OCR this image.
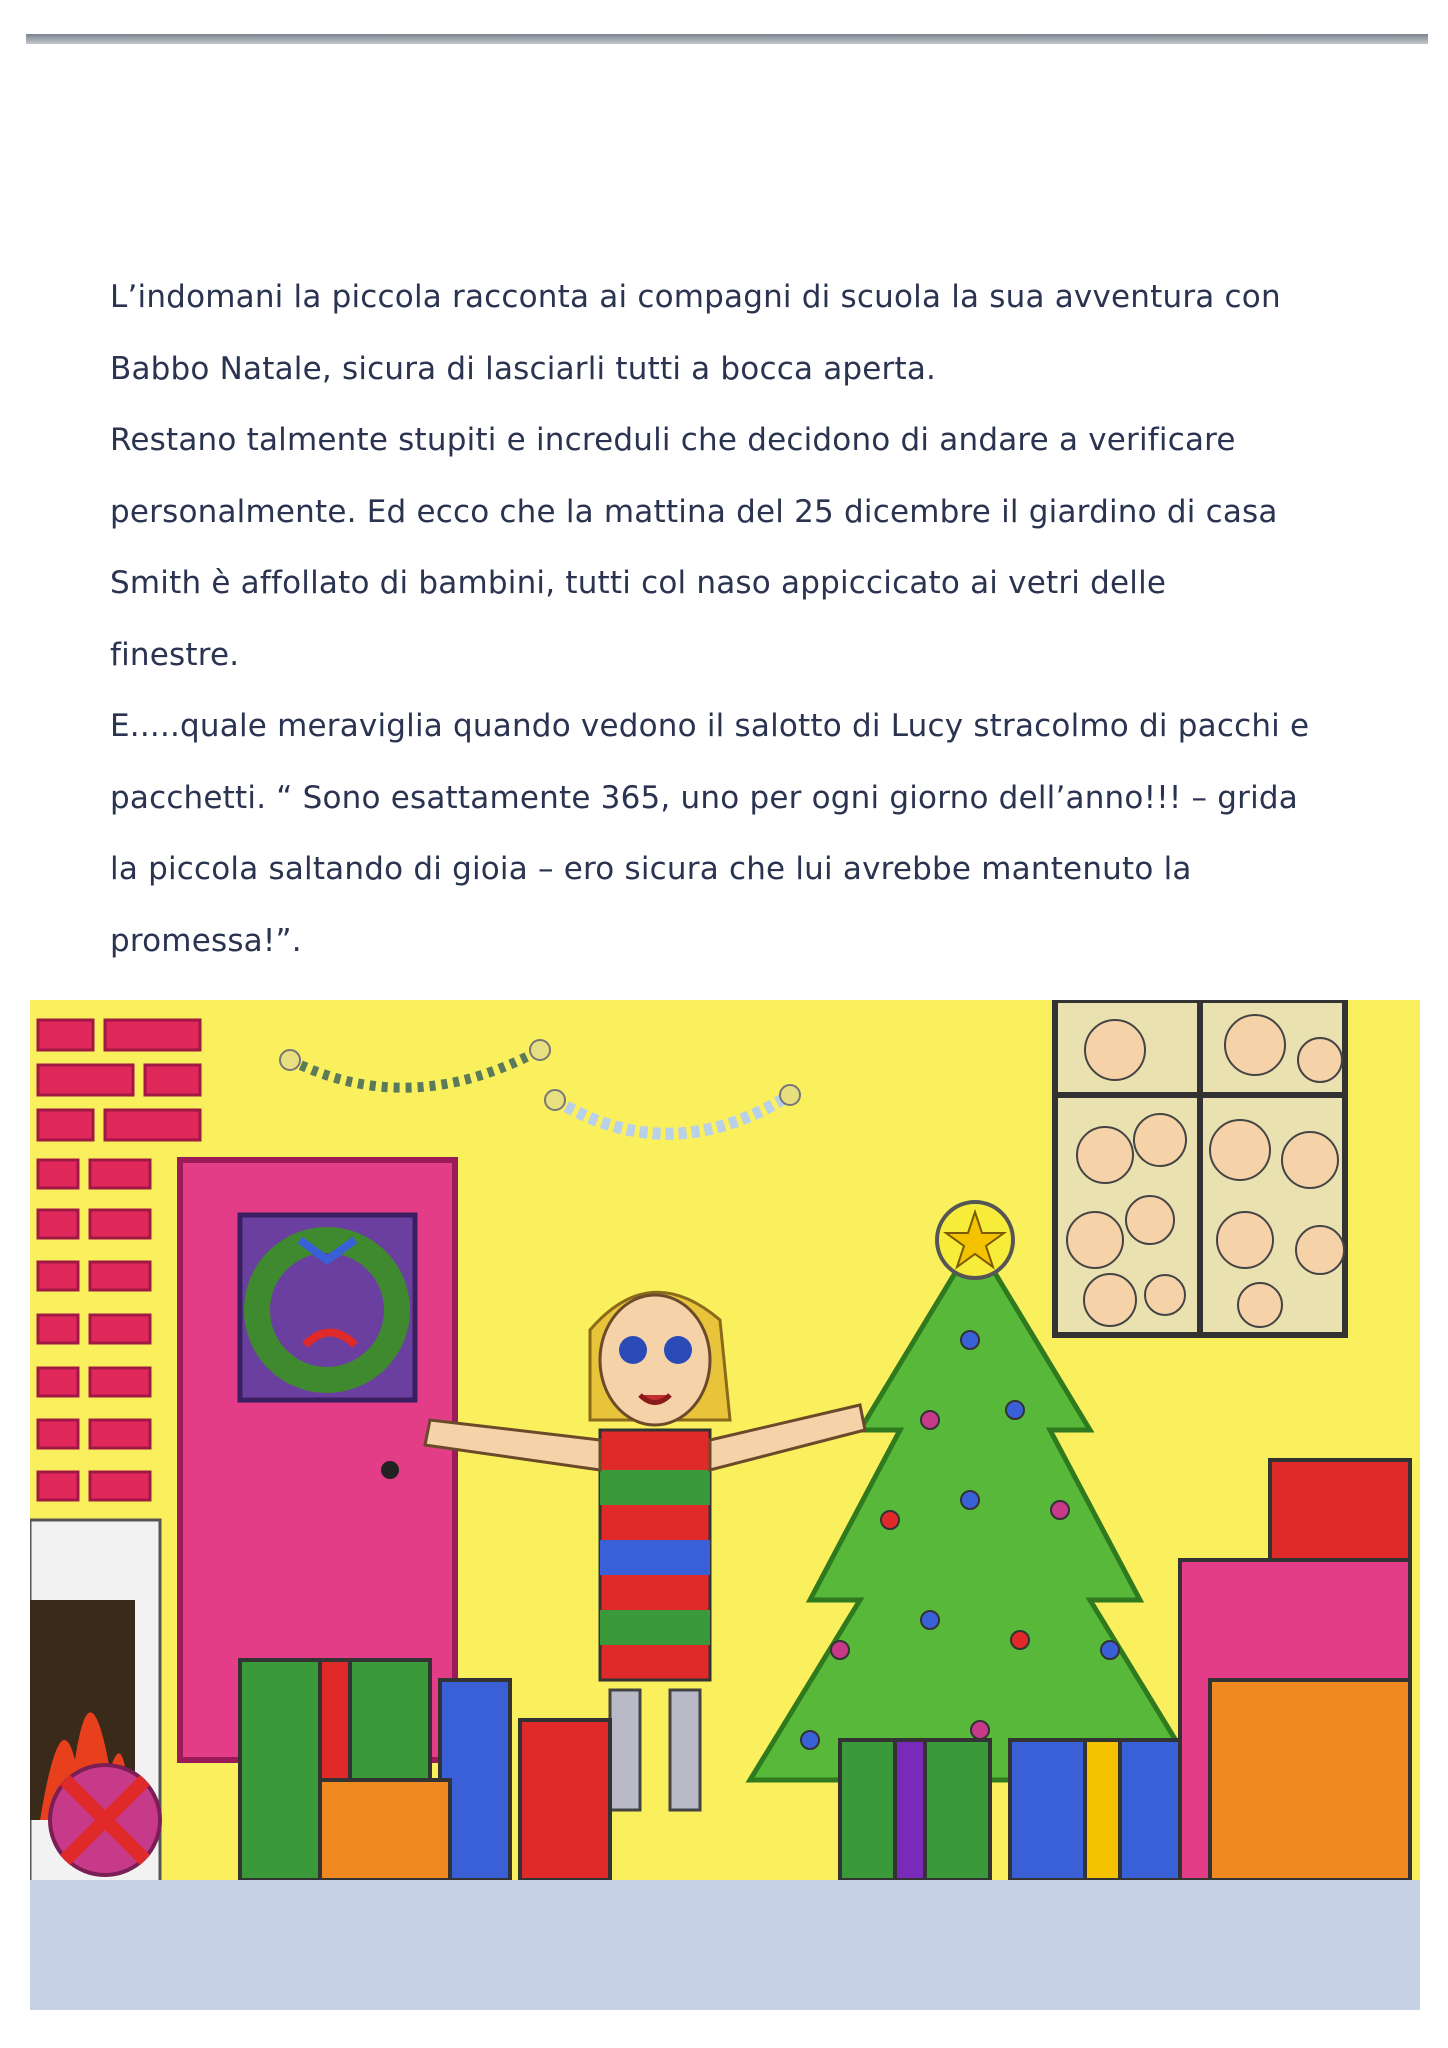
L’indomani la piccola racconta ai compagni di scuola la sua avventura con

Babbo Natale, sicura di lasciarli tutti a bocca aperta.

Restano talmente stupiti e increduli che decidono di andare a verificare

personalmente. Ed ecco che la mattina del 25 dicembre il giardino di casa

Smith è affollato di bambini, tutti col naso appiccicato ai vetri delle

finestre.

E.....quale meraviglia quando vedono il salotto di Lucy stracolmo di pacchi e

pacchetti. “ Sono esattamente 365, uno per ogni giorno dell’anno!!! – grida

la piccola saltando di gioia – ero sicura che lui avrebbe mantenuto la

promessa!”.
